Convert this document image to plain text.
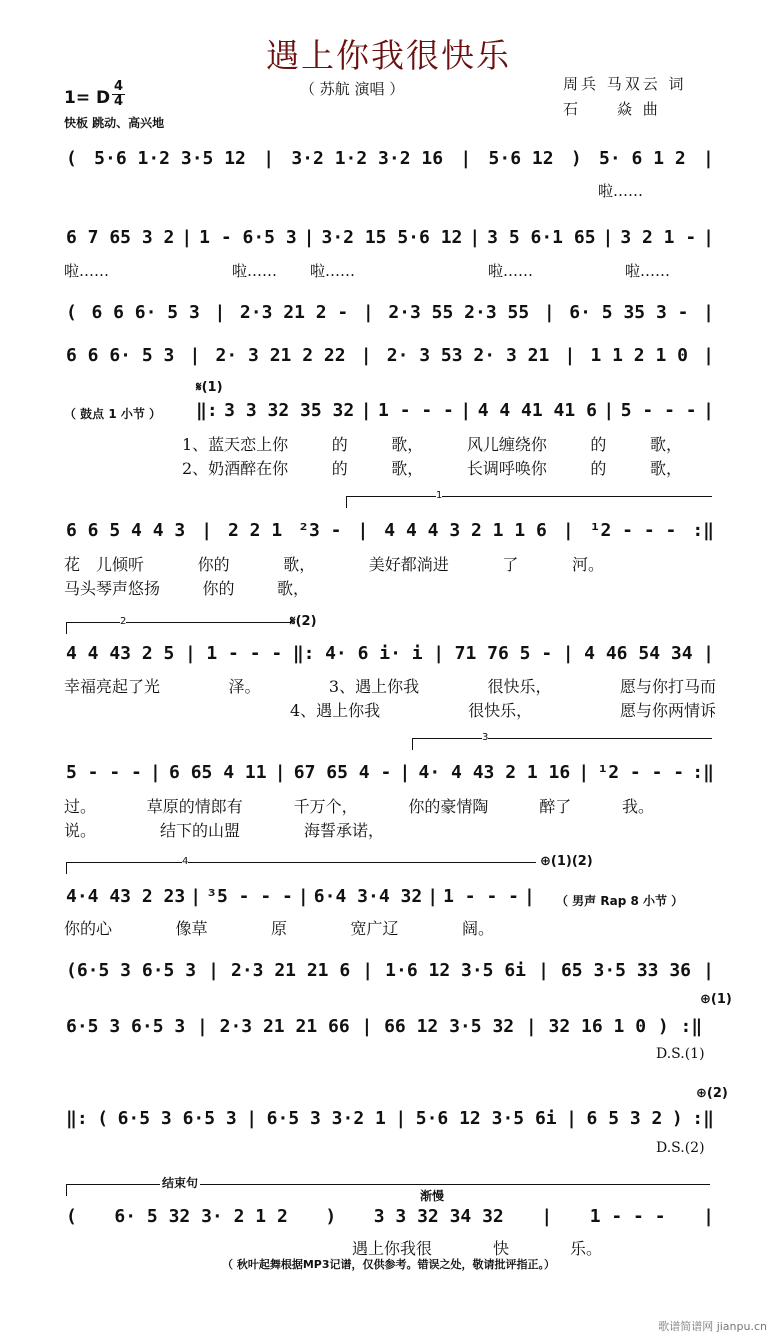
遇上你我很快乐
（ 苏航 演唱 ）	周兵 马双云 词
石　　焱 曲
1= D
4
4
快板 跳动、高兴地
( 5·6 1·2 3·5 12 | 3·2 1·2 3·2 16 | 5·6 12 ) 5· 6 1 2 |
啦……
6 7 65 3 2 | 1 - 6·5 3 | 3·2 15 5·6 12 | 3 5 6·1 65 | 3 2 1 - |
啦……	啦…… 啦……	啦……	啦……
( 6 6 6· 5 3 | 2·3 21 2 - | 2·3 55 2·3 55 | 6· 5 35 3 - |
6 6 6· 5 3 | 2· 3 21 2 22 | 2· 3 53 2· 3 21 | 1 1 2 1 0 |
𝄋(1)
（ 鼓点 1 小节 ） ‖: 3 3 32 35 32 | 1 - - - | 4 4 41 41 6 | 5 - - - |
1、蓝天恋上你	的	歌，	风儿缠绕你	的	歌，
2、奶酒醉在你	的	歌，	长调呼唤你	的	歌，
1
6 6 5 4 4 3 | 2 2 1 ²3 - | 4 4 4 3 2 1 1 6 | ¹2 - - - :‖
花　儿倾听	你的	歌，	美好都淌进	了	河。
马头琴声悠扬	你的	歌，
2	𝄋(2)
4 4 43 2 5 | 1 - - - ‖: 4· 6 i· i | 71 76 5 - | 4 46 54 34 |
幸福亮起了光	泽。	3、遇上你我	很快乐，	愿与你打马而
4、遇上你我	很快乐，	愿与你两情诉
3
5 - - - | 6 65 4 11 | 67 65 4 - | 4· 4 43 2 1 16 | ¹2 - - - :‖
过。	草原的情郎有	千万个，	你的豪情陶	醉了	我。
说。	结下的山盟	海誓承诺，
4	⊕(1)(2)
4·4 43 2 23 | ³5 - - - | 6·4 3·4 32 | 1 - - - | （ 男声 Rap 8 小节 ）
你的心	像草	原	宽广辽	阔。
(6·5 3 6·5 3 | 2·3 21 21 6 | 1·6 12 3·5 6i | 65 3·5 33 36 |
⊕(1)
6·5 3 6·5 3 | 2·3 21 21 66 | 66 12 3·5 32 | 32 16 1 0 ) :‖
D.S.(1)
⊕(2)
‖: ( 6·5 3 6·5 3 | 6·5 3 3·2 1 | 5·6 12 3·5 6i | 6 5 3 2 ) :‖
D.S.(2)
结束句
渐慢
( 6· 5 32 3· 2 1 2 ) 3 3 32 34 32 | 1 - - - |
遇上你我很	快	乐。
（ 秋叶起舞根据MP3记谱，仅供参考。错误之处，敬请批评指正。）
歌谱简谱网 jianpu.cn
